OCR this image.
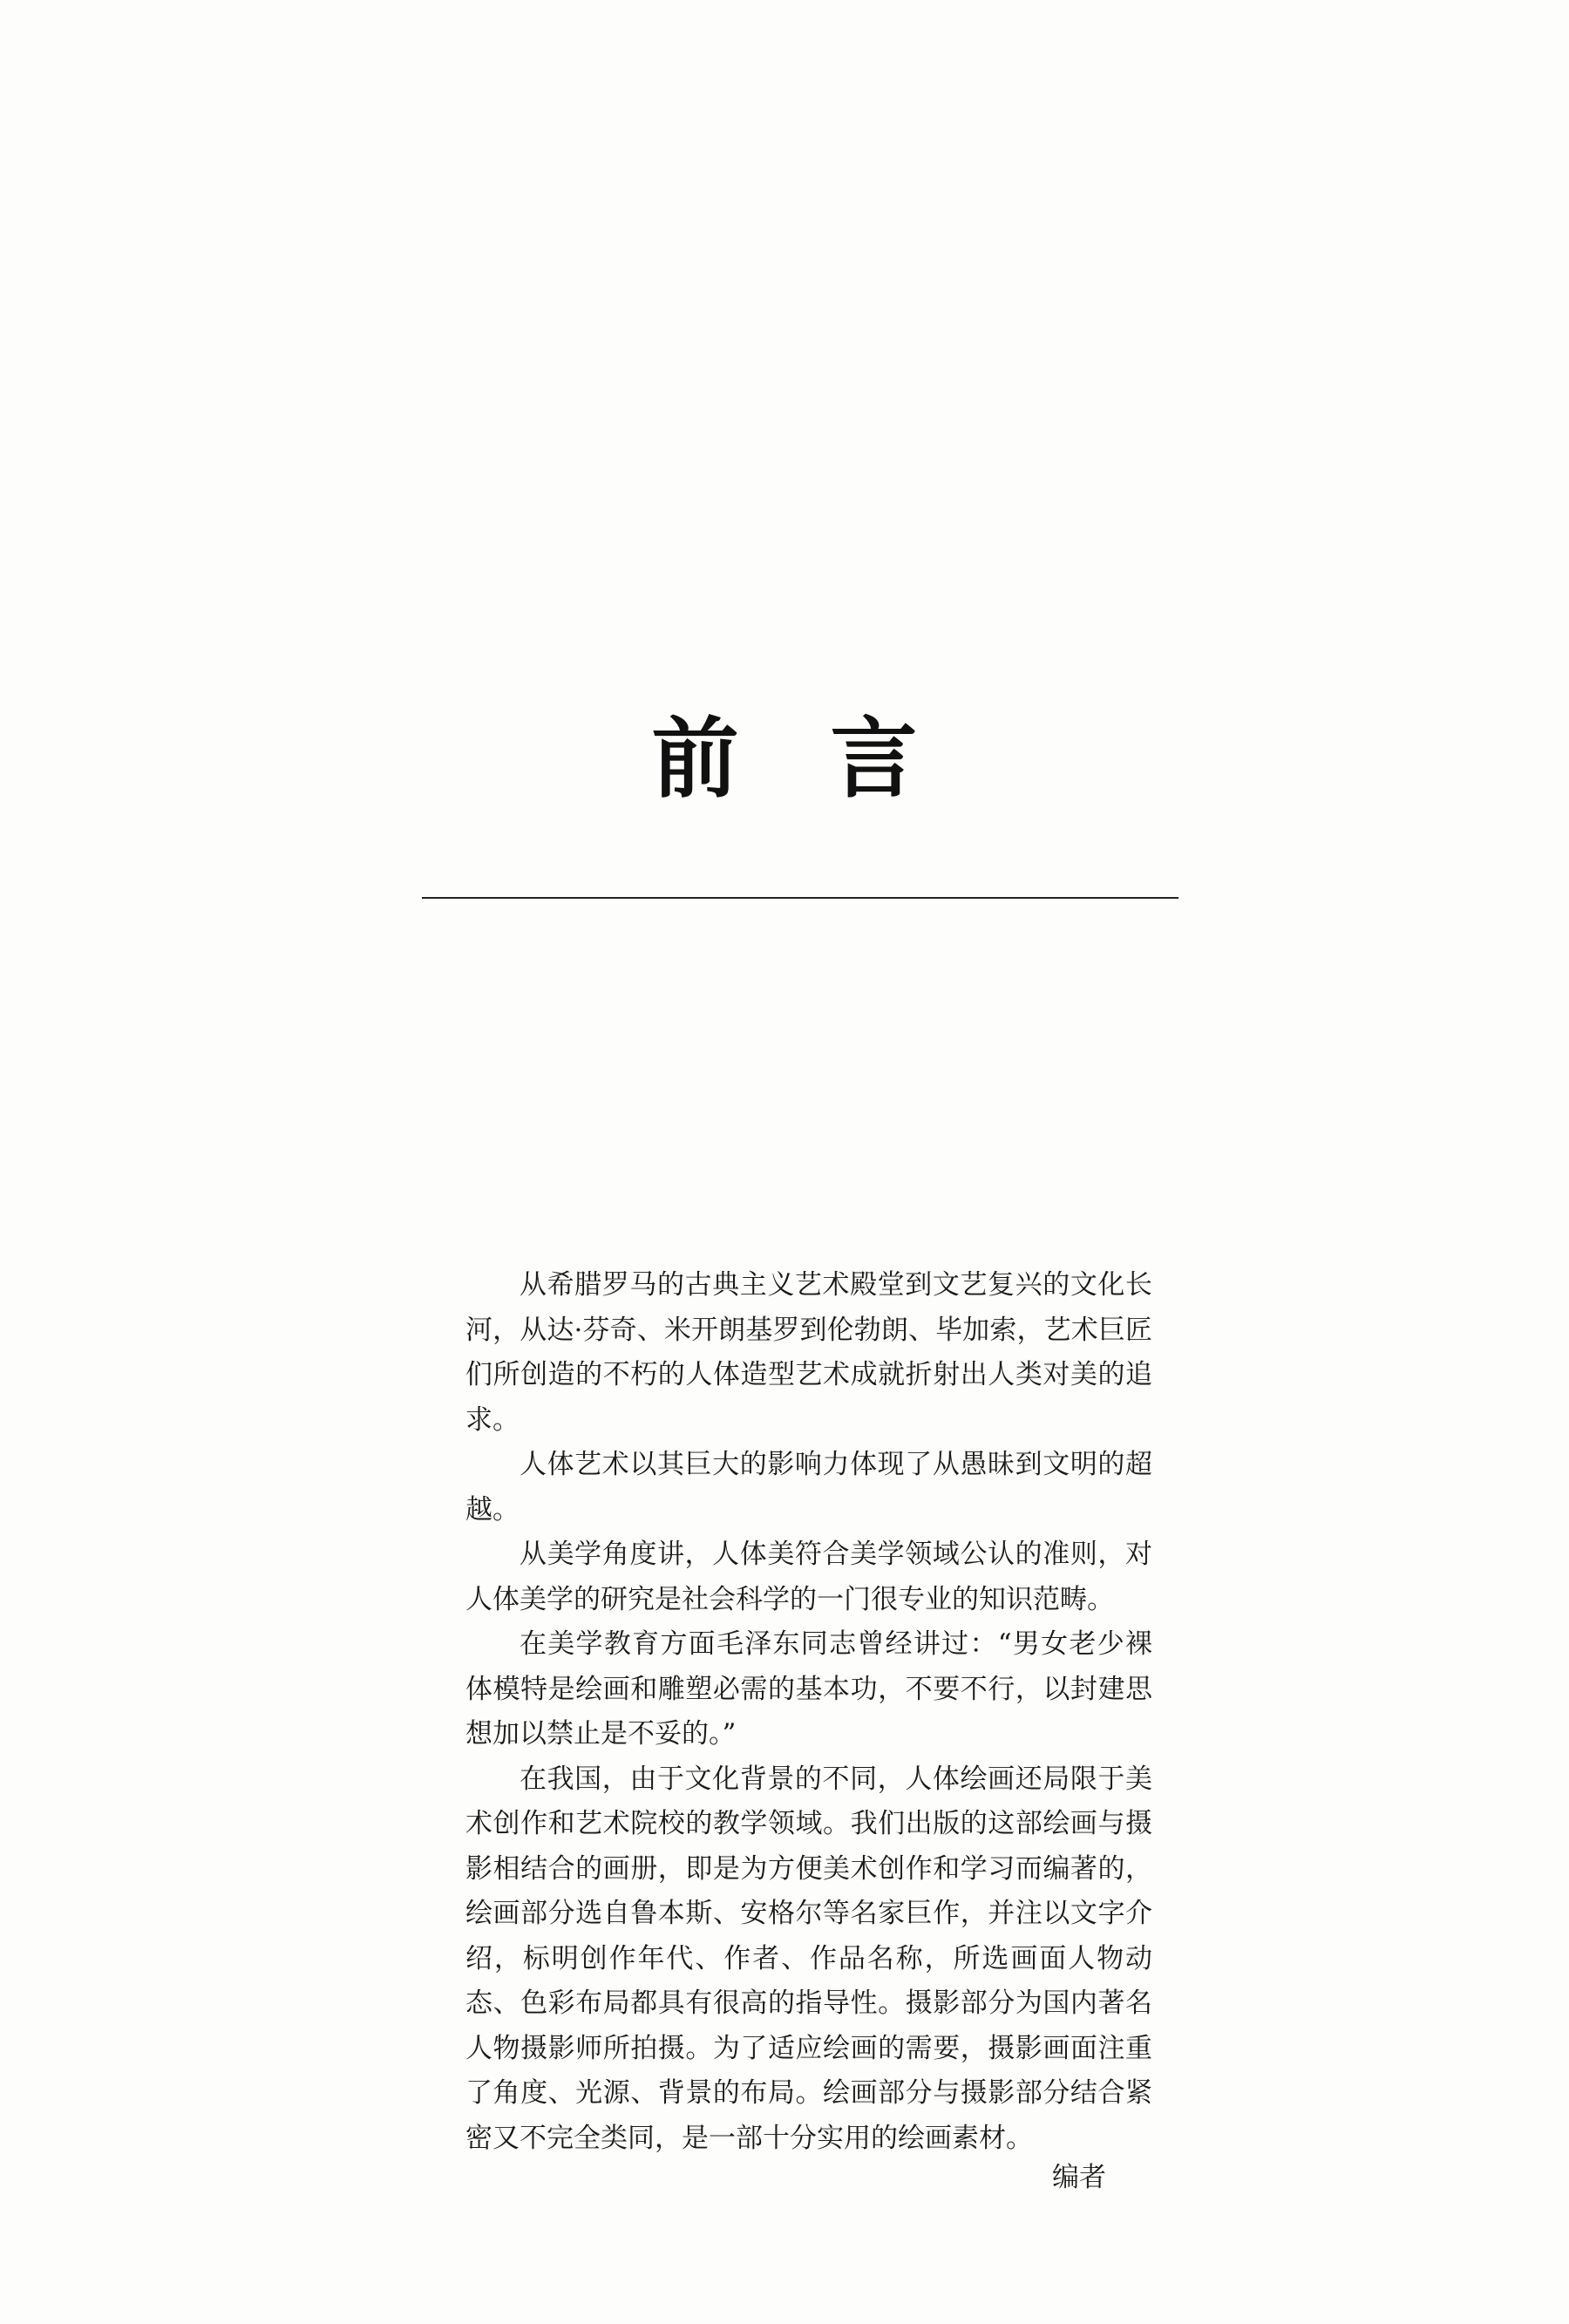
前 言

从希腊罗马的古典主义艺术殿堂到文艺复兴的文化长河，从达·芬奇、米开朗基罗到伦勃朗、毕加索，艺术巨匠们所创造的不朽的人体造型艺术成就折射出人类对美的追求。

人体艺术以其巨大的影响力体现了从愚昧到文明的超越。

从美学角度讲，人体美符合美学领域公认的准则，对人体美学的研究是社会科学的一门很专业的知识范畴。

在美学教育方面毛泽东同志曾经讲过：“男女老少裸体模特是绘画和雕塑必需的基本功，不要不行，以封建思想加以禁止是不妥的。”

在我国，由于文化背景的不同，人体绘画还局限于美术创作和艺术院校的教学领域。我们出版的这部绘画与摄影相结合的画册，即是为方便美术创作和学习而编著的，绘画部分选自鲁本斯、安格尔等名家巨作，并注以文字介绍，标明创作年代、作者、作品名称，所选画面人物动态、色彩布局都具有很高的指导性。摄影部分为国内著名人物摄影师所拍摄。为了适应绘画的需要，摄影画面注重了角度、光源、背景的布局。绘画部分与摄影部分结合紧密又不完全类同，是一部十分实用的绘画素材。

编者
